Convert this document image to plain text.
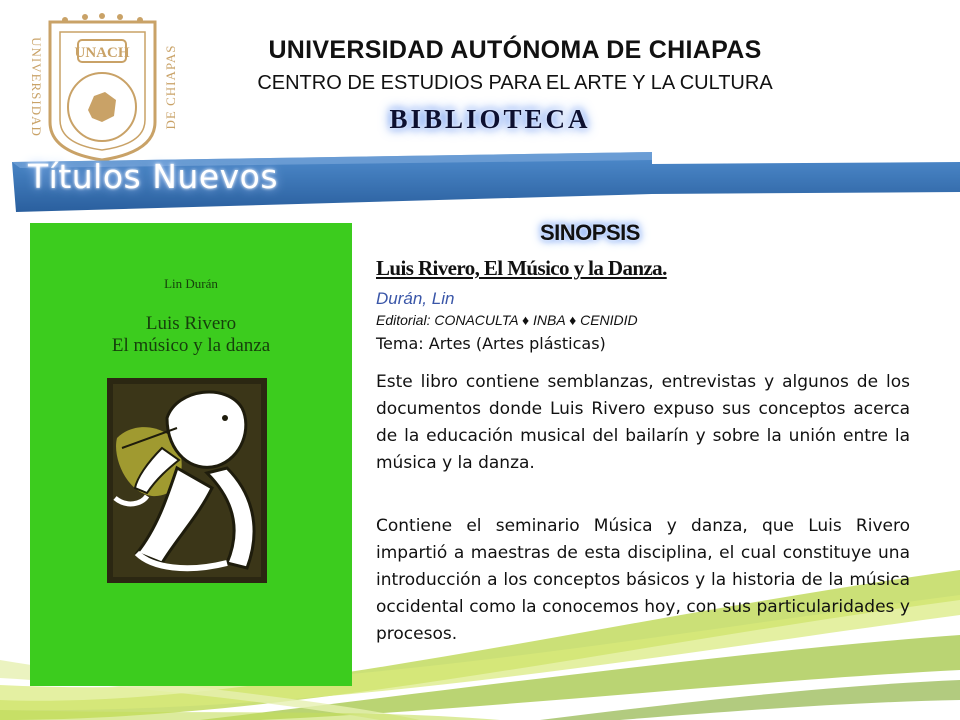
UNACH
UNIVERSIDAD	DE CHIAPAS	UNIVERSIDAD AUTÓNOMA DE CHIAPAS
CENTRO DE ESTUDIOS PARA EL ARTE Y LA CULTURA
BIBLIOTECA
Títulos Nuevos
Lin Durán
Luis Rivero
El músico y la danza
SINOPSIS
Luis Rivero, El Músico y la Danza.
Durán, Lin
Editorial: CONACULTA ♦ INBA ♦ CENIDID
Tema: Artes (Artes plásticas)
Este libro contiene semblanzas, entrevistas y algunos de los documentos donde Luis Rivero expuso sus conceptos acerca de la educación musical del bailarín y sobre la unión entre la música y la danza.
Contiene el seminario Música y danza, que Luis Rivero impartió a maestras de esta disciplina, el cual constituye una introducción a los conceptos básicos y la historia de la música occidental como la conocemos hoy, con sus particularidades y procesos.
